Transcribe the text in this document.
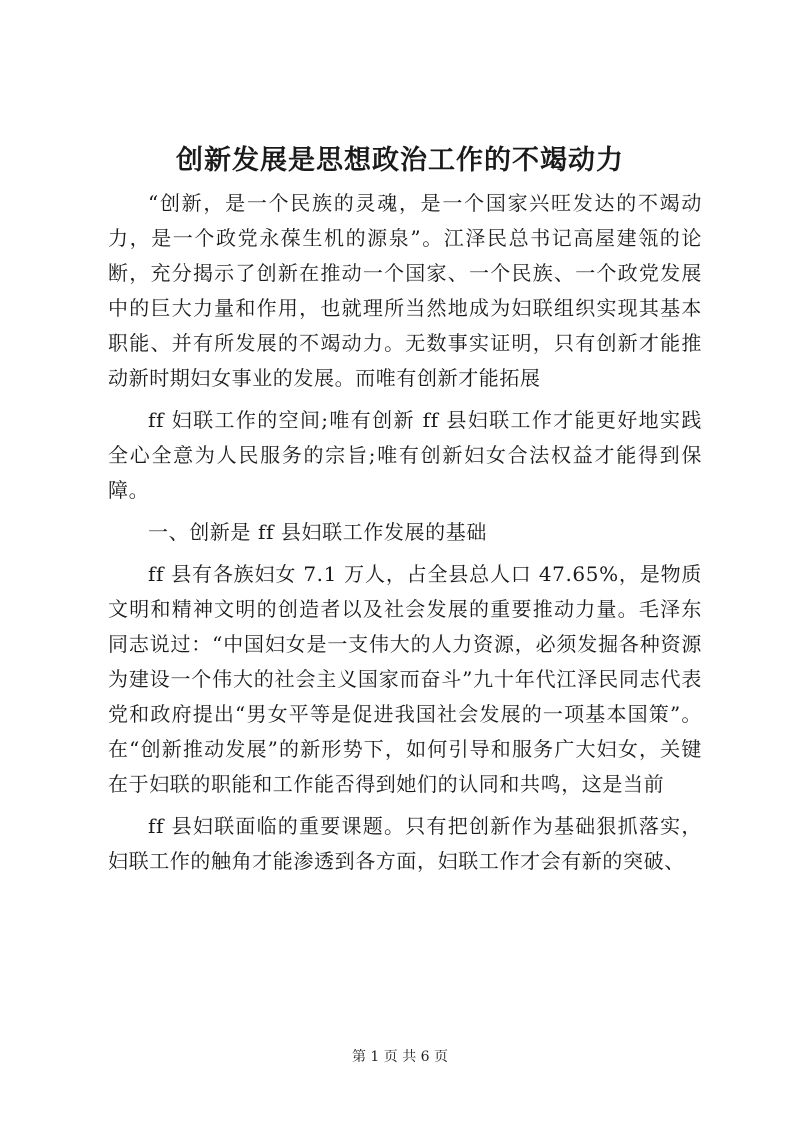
创新发展是思想政治工作的不竭动力

“创新，是一个民族的灵魂，是一个国家兴旺发达的不竭动力，是一个政党永葆生机的源泉”。江泽民总书记高屋建瓴的论断，充分揭示了创新在推动一个国家、一个民族、一个政党发展中的巨大力量和作用，也就理所当然地成为妇联组织实现其基本职能、并有所发展的不竭动力。无数事实证明，只有创新才能推动新时期妇女事业的发展。而唯有创新才能拓展

ff 妇联工作的空间;唯有创新 ff 县妇联工作才能更好地实践全心全意为人民服务的宗旨;唯有创新妇女合法权益才能得到保障。

一、创新是 ff 县妇联工作发展的基础

ff 县有各族妇女 7.1 万人，占全县总人口 47.65%，是物质文明和精神文明的创造者以及社会发展的重要推动力量。毛泽东同志说过：“中国妇女是一支伟大的人力资源，必须发掘各种资源为建设一个伟大的社会主义国家而奋斗”九十年代江泽民同志代表党和政府提出“男女平等是促进我国社会发展的一项基本国策”。在“创新推动发展”的新形势下，如何引导和服务广大妇女，关键在于妇联的职能和工作能否得到她们的认同和共鸣，这是当前

ff 县妇联面临的重要课题。只有把创新作为基础狠抓落实，妇联工作的触角才能渗透到各方面，妇联工作才会有新的突破、

第 1 页 共 6 页
